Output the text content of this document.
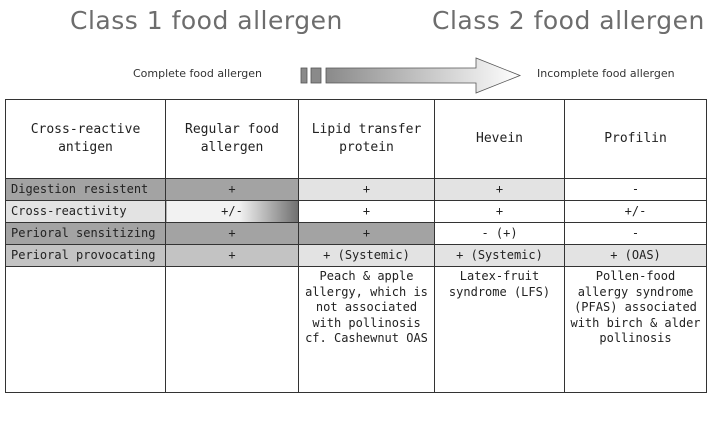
Class 1 food allergen	Class 2 food allergen
Complete food allergen	Incomplete food allergen
Cross-reactive antigen	Regular food allergen	Lipid transfer protein	Hevein	Profilin
Digestion resistent	+	+	+	-
Cross-reactivity	+/-	+	+	+/-
Perioral sensitizing	+	+	- (+)	-
Perioral provocating	+	+ (Systemic)	+ (Systemic)	+ (OAS)
		Peach & apple allergy, which is not associated with pollinosis cf. Cashewnut OAS	Latex-fruit syndrome (LFS)	Pollen-food allergy syndrome (PFAS) associated with birch & alder pollinosis
